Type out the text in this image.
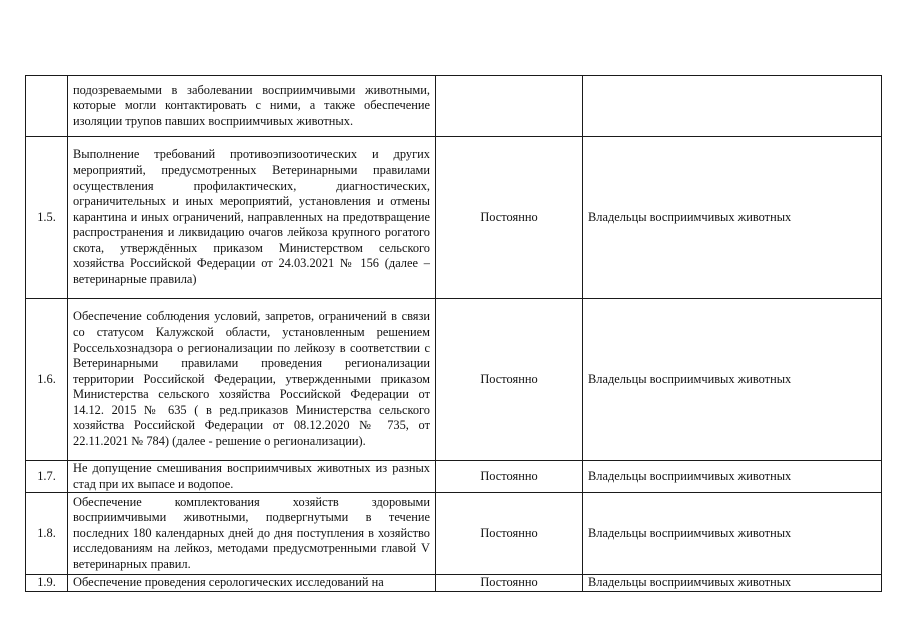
	подозреваемыми в заболевании восприимчивыми животными, которые могли контактировать с ними, а также обеспечение изоляции трупов павших восприимчивых животных.		
1.5.	Выполнение требований противоэпизоотических и других мероприятий, предусмотренных Ветеринарными правилами осуществления профилактических, диагностических, ограничительных и иных мероприятий, установления и отмены карантина и иных ограничений, направленных на предотвращение распространения и ликвидацию очагов лейкоза крупного рогатого скота, утверждённых приказом Министерством сельского хозяйства Российской Федерации от 24.03.2021 № 156 (далее – ветеринарные правила)	Постоянно	Владельцы восприимчивых животных
1.6.	Обеспечение соблюдения условий, запретов, ограничений в связи со статусом Калужской области, установленным решением Россельхознадзора о регионализации по лейкозу в соответствии с Ветеринарными правилами проведения регионализации территории Российской Федерации, утвержденными приказом Министерства сельского хозяйства Российской Федерации от 14.12. 2015 № 635 ( в ред.приказов Министерства сельского хозяйства Российской Федерации от 08.12.2020 № 735, от 22.11.2021 № 784) (далее - решение о регионализации).	Постоянно	Владельцы восприимчивых животных
1.7.	Не допущение смешивания восприимчивых животных из разных стад при их выпасе и водопое.	Постоянно	Владельцы восприимчивых животных
1.8.	Обеспечение комплектования хозяйств здоровыми восприимчивыми животными, подвергнутыми в течение последних 180 календарных дней до дня поступления в хозяйство исследованиям на лейкоз, методами предусмотренными главой V ветеринарных правил.	Постоянно	Владельцы восприимчивых животных
1.9.	Обеспечение проведения серологических исследований на	Постоянно	Владельцы восприимчивых животных
